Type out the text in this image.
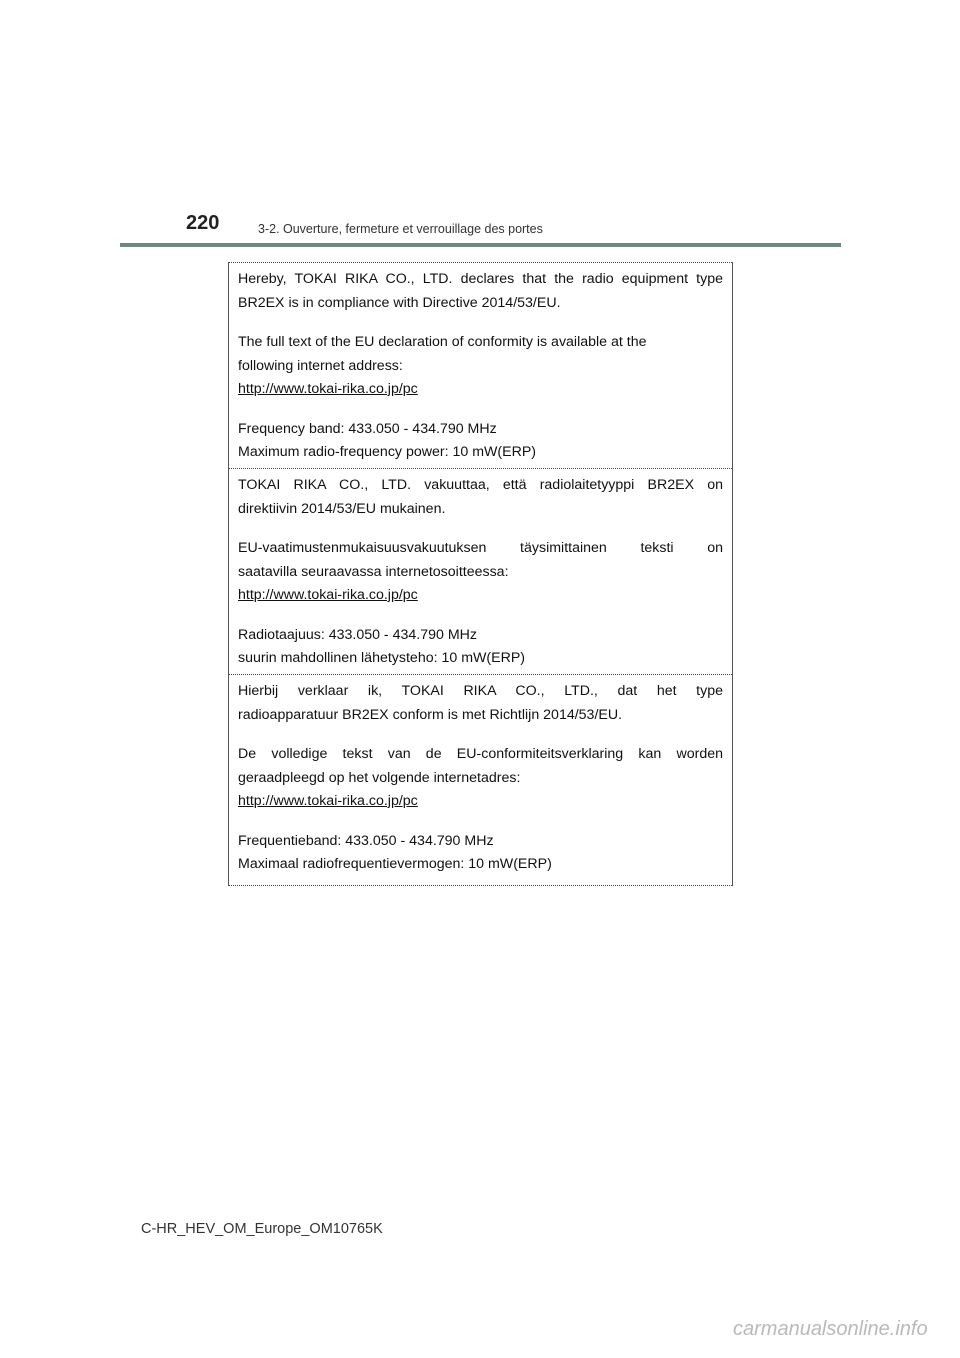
220	3-2. Ouverture, fermeture et verrouillage des portes

Hereby, TOKAI RIKA CO., LTD. declares that the radio equipment type
BR2EX is in compliance with Directive 2014/53/EU.

The full text of the EU declaration of conformity is available at the
following internet address:
http://www.tokai-rika.co.jp/pc

Frequency band: 433.050 - 434.790 MHz
Maximum radio-frequency power: 10 mW(ERP)

TOKAI RIKA CO., LTD. vakuuttaa, että radiolaitetyyppi BR2EX on
direktiivin 2014/53/EU mukainen.

EU-vaatimustenmukaisuusvakuutuksen täysimittainen teksti on
saatavilla seuraavassa internetosoitteessa:
http://www.tokai-rika.co.jp/pc

Radiotaajuus: 433.050 - 434.790 MHz
suurin mahdollinen lähetysteho: 10 mW(ERP)

Hierbij verklaar ik, TOKAI RIKA CO., LTD., dat het type
radioapparatuur BR2EX conform is met Richtlijn 2014/53/EU.

De volledige tekst van de EU-conformiteitsverklaring kan worden
geraadpleegd op het volgende internetadres:
http://www.tokai-rika.co.jp/pc

Frequentieband: 433.050 - 434.790 MHz
Maximaal radiofrequentievermogen: 10 mW(ERP)

C-HR_HEV_OM_Europe_OM10765K
carmanualsonline.info
